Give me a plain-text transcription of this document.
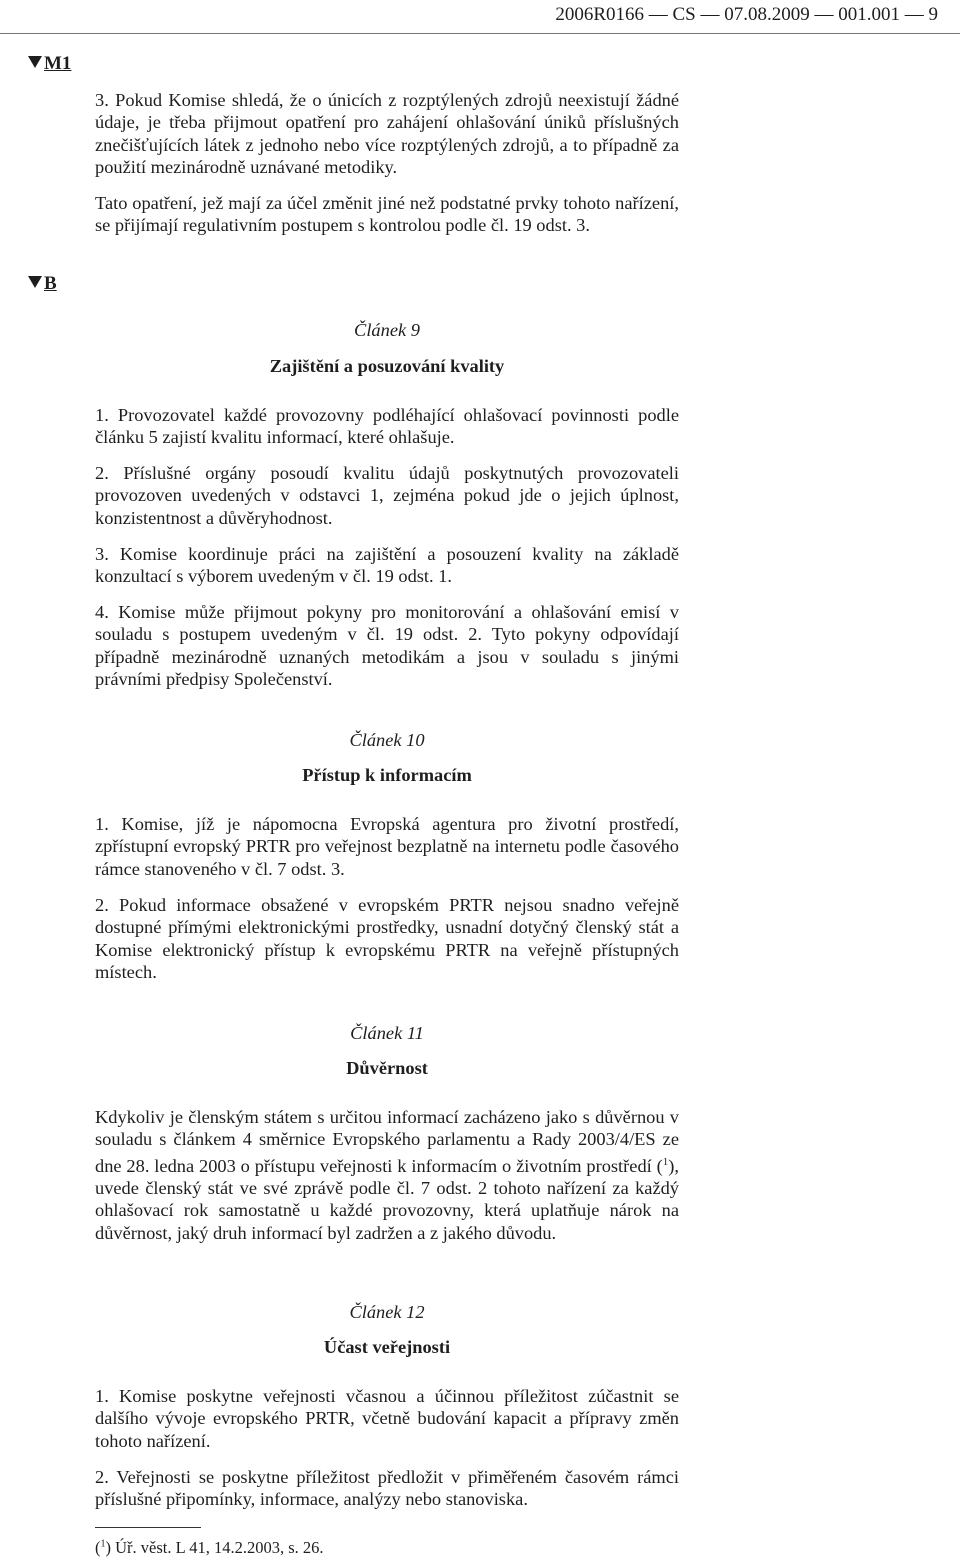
2006R0166 — CS — 07.08.2009 — 001.001 — 9
M1
B

3. Pokud Komise shledá, že o únicích z rozptýlených zdrojů neexistují žádné údaje, je třeba přijmout opatření pro zahájení ohlašování úniků příslušných znečišťujících látek z jednoho nebo více rozptýlených zdrojů, a to případně za použití mezinárodně uznávané metodiky.

Tato opatření, jež mají za účel změnit jiné než podstatné prvky tohoto nařízení, se přijímají regulativním postupem s kontrolou podle čl. 19 odst. 3.

Článek 9

Zajištění a posuzování kvality

1. Provozovatel každé provozovny podléhající ohlašovací povinnosti podle článku 5 zajistí kvalitu informací, které ohlašuje.

2. Příslušné orgány posoudí kvalitu údajů poskytnutých provozovateli provozoven uvedených v odstavci 1, zejména pokud jde o jejich úplnost, konzistentnost a důvěryhodnost.

3. Komise koordinuje práci na zajištění a posouzení kvality na základě konzultací s výborem uvedeným v čl. 19 odst. 1.

4. Komise může přijmout pokyny pro monitorování a ohlašování emisí v souladu s postupem uvedeným v čl. 19 odst. 2. Tyto pokyny odpovídají případně mezinárodně uznaných metodikám a jsou v souladu s jinými právními předpisy Společenství.

Článek 10

Přístup k informacím

1. Komise, jíž je nápomocna Evropská agentura pro životní prostředí, zpřístupní evropský PRTR pro veřejnost bezplatně na internetu podle časového rámce stanoveného v čl. 7 odst. 3.

2. Pokud informace obsažené v evropském PRTR nejsou snadno veřejně dostupné přímými elektronickými prostředky, usnadní dotyčný členský stát a Komise elektronický přístup k evropskému PRTR na veřejně přístupných místech.

Článek 11

Důvěrnost

Kdykoliv je členským státem s určitou informací zacházeno jako s důvěrnou v souladu s článkem 4 směrnice Evropského parlamentu a Rady 2003/4/ES ze dne 28. ledna 2003 o přístupu veřejnosti k informacím o životním prostředí ($^1$), uvede členský stát ve své zprávě podle čl. 7 odst. 2 tohoto nařízení za každý ohlašovací rok samostatně u každé provozovny, která uplatňuje nárok na důvěrnost, jaký druh informací byl zadržen a z jakého důvodu.

Článek 12

Účast veřejnosti

1. Komise poskytne veřejnosti včasnou a účinnou příležitost zúčastnit se dalšího vývoje evropského PRTR, včetně budování kapacit a přípravy změn tohoto nařízení.

2. Veřejnosti se poskytne příležitost předložit v přiměřeném časovém rámci příslušné připomínky, informace, analýzy nebo stanoviska.

($^1$) Úř. věst. L 41, 14.2.2003, s. 26.
